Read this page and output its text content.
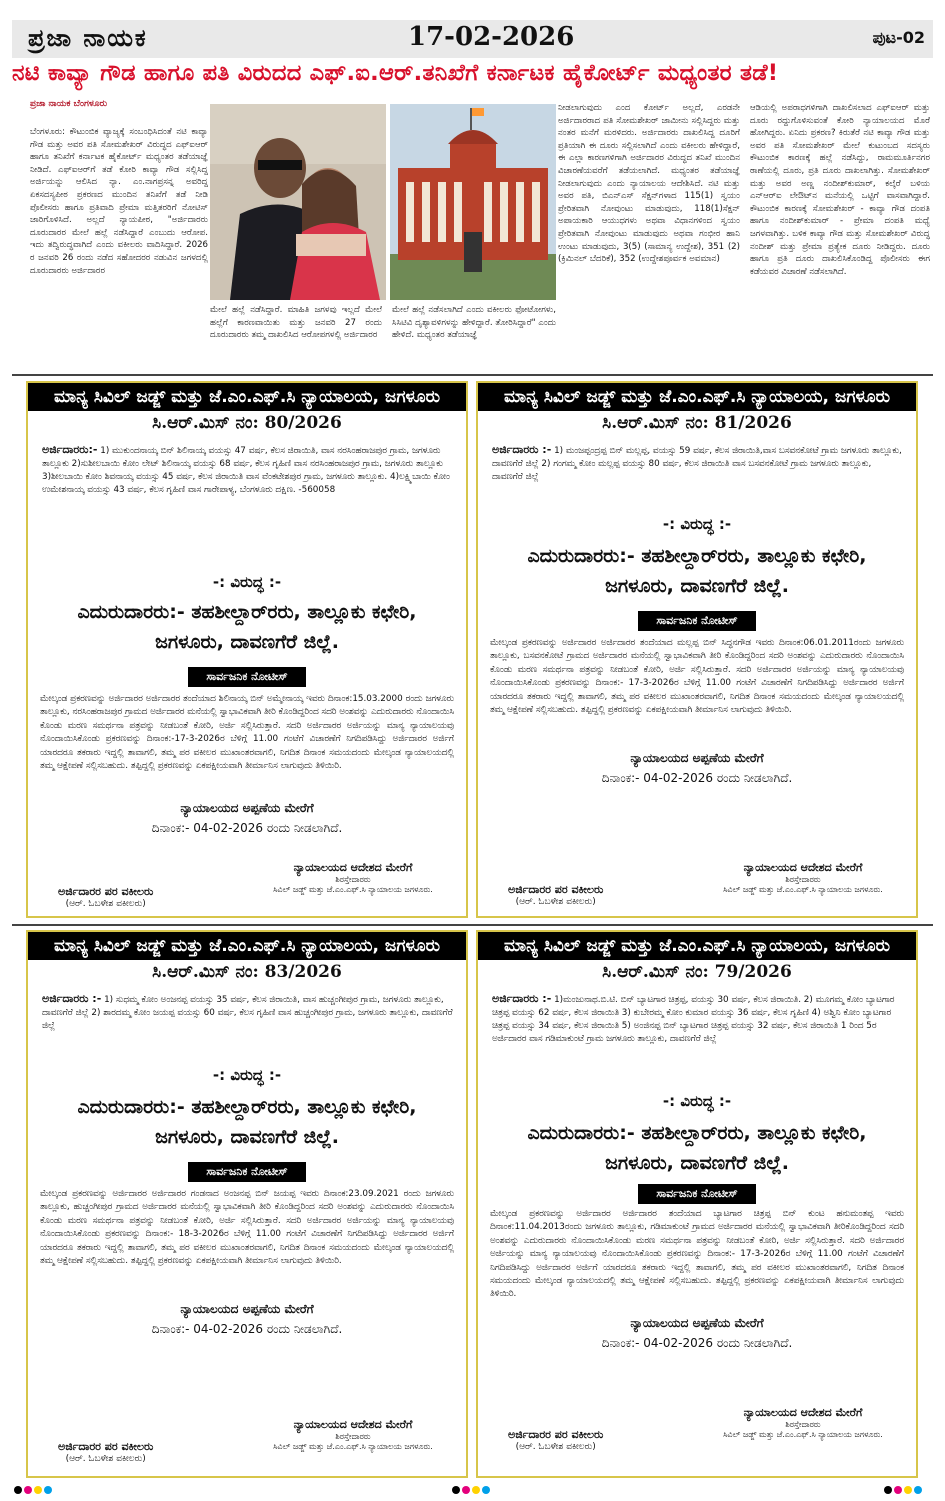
ಪ್ರಜಾ ನಾಯಕ	17-02-2026	ಪುಟ-02
ನಟಿ ಕಾವ್ಯಾ ಗೌಡ ಹಾಗೂ ಪತಿ ವಿರುದದ ಎಫ್.ಐ.ಆರ್.ತನಿಖೆಗೆ ಕರ್ನಾಟಕ ಹೈಕೋರ್ಟ್ ಮಧ್ಯಂತರ ತಡೆ!
ಪ್ರಜಾ ನಾಯಕ ಬೆಂಗಳೂರು
ಬೆಂಗಳೂರು: ಕೌಟುಂಬಿಕ ವ್ಯಾಜ್ಯಕ್ಕೆ ಸಂಬಂಧಿಸಿದಂತೆ ನಟಿ ಕಾವ್ಯಾ ಗೌಡ ಮತ್ತು ಅವರ ಪತಿ ಸೋಮಶೇಖರ್ ವಿರುದ್ಧದ ಎಫ್‌ಐಆರ್ ಹಾಗೂ ತನಿಖೆಗೆ ಕರ್ನಾಟಕ ಹೈಕೋರ್ಟ್ ಮಧ್ಯಂತರ ತಡೆಯಾಜ್ಞೆ ನೀಡಿದೆ. ಎಫ್‌ಐಆರ್‌ಗೆ ತಡೆ ಕೋರಿ ಕಾವ್ಯಾ ಗೌಡ ಸಲ್ಲಿಸಿದ್ದ ಅರ್ಜಿಯನ್ನು ಆಲಿಸಿದ ನ್ಯಾ. ಎಂ.ನಾಗಪ್ರಸನ್ನ ಅವರಿದ್ದ ಏಕಸದಸ್ಯಪೀಠ ಪ್ರಕರಣದ ಮುಂದಿನ ತನಿಖೆಗೆ ತಡೆ ನೀಡಿ ಪೊಲೀಸರು ಹಾಗೂ ಪ್ರತಿವಾದಿ ಪ್ರೇಮಾ ಮತ್ತಿತರರಿಗೆ ನೋಟಿಸ್ ಜಾರಿಗೊಳಿಸಿದೆ. ಅಲ್ಲದೆ ನ್ಯಾಯಪೀಠ, "ಅರ್ಜಿದಾರರು ದೂರುದಾರರ ಮೇಲೆ ಹಲ್ಲೆ ನಡೆಸಿದ್ದಾರೆ ಎಂಬುದು ಆರೋಪ. ಇದು ತದ್ವಿರುದ್ಧವಾಗಿದೆ ಎಂದು ವಕೀಲರು ವಾದಿಸಿದ್ದಾರೆ. 2026 ರ ಜನವರಿ 26 ರಂದು ನಡೆದ ಸಹೋದರರ ನಡುವಿನ ಜಗಳದಲ್ಲಿ ದೂರುದಾರರು ಅರ್ಜಿದಾರರ
ಮೇಲೆ ಹಲ್ಲೆ ನಡೆಸಿದ್ದಾರೆ. ಮಾಹಿತಿ ಜಗಳವು ಇಲ್ಲದೆ ಮೇಲೆ ಹಲ್ಲೆಗೆ ಕಾರಣವಾಯಿತು ಮತ್ತು ಜನವರಿ 27 ರಂದು ದೂರುದಾರರು ತಮ್ಮ ದಾಖಲಿಸಿದ ಆರೋಪಗಳಲ್ಲಿ ಅರ್ಜಿದಾರರ
ಮೇಲೆ ಹಲ್ಲೆ ನಡೆಸಲಾಗಿದೆ ಎಂದು ವಕೀಲರು ಫೋಟೋಗಳು, ಸಿಸಿಟಿವಿ ದೃಶ್ಯಾವಳಿಗಳನ್ನು ಹೇಳಿದ್ದಾರೆ. ತೋರಿಸಿದ್ದಾರೆ" ಎಂದು ಹೇಳಿದೆ. ಮಧ್ಯಂತರ ತಡೆಯಾಜ್ಞೆ
ನೀಡಲಾಗುವುದು ಎಂದ ಕೋರ್ಟ್ ಅಲ್ಲದೆ, ಎರಡನೇ ಅರ್ಜಿದಾರರಾದ ಪತಿ ಸೋಮಶೇಖರ್ ಜಾಮೀನು ಸಲ್ಲಿಸಿದ್ದರು ಮತ್ತು ನಂತರ ಮನೆಗೆ ಮರಳಿದರು. ಅರ್ಜಿದಾರರು ದಾಖಲಿಸಿದ್ದ ದೂರಿಗೆ ಪ್ರತಿಯಾಗಿ ಈ ದೂರು ಸಲ್ಲಿಸಲಾಗಿದೆ ಎಂದು ವಕೀಲರು ಹೇಳಿದ್ದಾರೆ, ಈ ಎಲ್ಲಾ ಕಾರಣಗಳಿಗಾಗಿ ಅರ್ಜಿದಾರರ ವಿರುದ್ಧದ ತನಿಖೆ ಮುಂದಿನ ವಿಚಾರಣೆಯವರೆಗೆ ತಡೆಯಲಾಗಿದೆ. ಮಧ್ಯಂತರ ತಡೆಯಾಜ್ಞೆ ನೀಡಲಾಗುವುದು ಎಂದು ನ್ಯಾಯಾಲಯ ಆದೇಶಿಸಿದೆ. ನಟಿ ಮತ್ತು ಅವರ ಪತಿ, ಬಿಎನ್‌ಎಸ್ ಸೆಕ್ಷನ್‌ಗಳಾದ 115(1) ಸ್ವಯಂ ಪ್ರೇರಿತವಾಗಿ ನೋವುಂಟು ಮಾಡುವುದು, 118(1)ಸೆಕ್ಷನ್ ಅಪಾಯಕಾರಿ ಆಯುಧಗಳು ಅಥವಾ ವಿಧಾನಗಳಿಂದ ಸ್ವಯಂ ಪ್ರೇರಿತವಾಗಿ ನೋವುಂಟು ಮಾಡುವುದು ಅಥವಾ ಗಂಭೀರ ಹಾನಿ ಉಂಟು ಮಾಡುವುದು, 3(5) (ಸಾಮಾನ್ಯ ಉದ್ದೇಶ), 351 (2) (ಕ್ರಿಮಿನಲ್ ಬೆದರಿಕೆ), 352 (ಉದ್ದೇಶಪೂರ್ವಕ ಅವಮಾನ)
ಆಡಿಯಲ್ಲಿ ಅಪರಾಧಗಳಿಗಾಗಿ ದಾಖಲಿಸಲಾದ ಎಫ್‌ಐಆರ್ ಮತ್ತು ದೂರು ರದ್ದುಗೊಳಿಸುವಂತೆ ಕೋರಿ ನ್ಯಾಯಾಲಯದ ಮೊರೆ ಹೋಗಿದ್ದರು. ಏನಿದು ಪ್ರಕರಣ? ಕಿರುತೆರೆ ನಟಿ ಕಾವ್ಯಾ ಗೌಡ ಮತ್ತು ಅವರ ಪತಿ ಸೋಮಶೇಖರ್ ಮೇಲೆ ಕುಟುಂಬದ ಸದಸ್ಯರು ಕೌಟುಂಬಿಕ ಕಾರಣಕ್ಕೆ ಹಲ್ಲೆ ನಡೆಸಿದ್ದು, ರಾಮಮೂರ್ತಿನಗರ ಠಾಣೆಯಲ್ಲಿ ದೂರು, ಪ್ರತಿ ದೂರು ದಾಖಲಾಗಿತ್ತು. ಸೋಮಶೇಖರ್ ಮತ್ತು ಅವರ ಅಣ್ಣ ನಂದೀಶ್‌ಕುಮಾರ್, ಕಲ್ಕೆರೆ ಬಳಿಯ ಎನ್‌ಆರ್‌ಐ ಲೇಔಟ್‌ನ ಮನೆಯಲ್ಲಿ ಒಟ್ಟಿಗೆ ವಾಸವಾಗಿದ್ದಾರೆ. ಕೌಟುಂಬಿಕ ಕಾರಣಕ್ಕೆ ಸೋಮಶೇಖರ್ - ಕಾವ್ಯಾ ಗೌಡ ದಂಪತಿ ಹಾಗೂ ನಂದೀಶ್‌ಕುಮಾರ್ - ಪ್ರೇಮಾ ದಂಪತಿ ಮಧ್ಯೆ ಜಗಳವಾಗಿತ್ತು. ಬಳಿಕ ಕಾವ್ಯಾ ಗೌಡ ಮತ್ತು ಸೋಮಶೇಖರ್ ವಿರುದ್ಧ ನಂದೀಶ್ ಮತ್ತು ಪ್ರೇಮಾ ಪ್ರತ್ಯೇಕ ದೂರು ನೀಡಿದ್ದರು. ದೂರು ಹಾಗೂ ಪ್ರತಿ ದೂರು ದಾಖಲಿಸಿಕೊಂಡಿದ್ದ ಪೊಲೀಸರು ಈಗ ಕಡೆಯವರ ವಿಚಾರಣೆ ನಡೆಸಲಾಗಿದೆ.
ಮಾನ್ಯ ಸಿವಿಲ್ ಜಡ್ಜ್ ಮತ್ತು ಜೆ.ಎಂ.ಎಫ್.ಸಿ ನ್ಯಾಯಾಲಯ, ಜಗಳೂರು
ಸಿ.ಆರ್.ಮಿಸ್ ನಂ: 80/2026
ಅರ್ಜಿದಾರರು:- 1) ಮುಕುಂದನಾಯ್ಕ ಬಿನ್ ಶಿಲಿನಾಯ್ಕ ವಯಸ್ಸು 47 ವರ್ಷ, ಕೆಲಸ ಜಿರಾಯಿತಿ, ವಾಸ ನರಸಿಂಹರಾಜಪುರ ಗ್ರಾಮ, ಜಗಳೂರು ತಾಲ್ಲೂಕು 2)ಸುಶೀಲಬಾಯಿ ಕೋಂ ಲೇಟ್ ಶಿಲಿನಾಯ್ಕ ವಯಸ್ಸು 68 ವರ್ಷ, ಕೆಲಸ ಗೃಹಿಣಿ ವಾಸ ನರಸಿಂಹರಾಜಪುರ ಗ್ರಾಮ, ಜಗಳೂರು ತಾಲ್ಲೂಕು 3)ಶೀಲಬಾಯಿ ಕೋಂ ಶಿವನಾಯ್ಕ ವಯಸ್ಸು 45 ವರ್ಷ, ಕೆಲಸ ಜಿರಾಯಿತಿ ವಾಸ ವೆಂಕಟೇಶಪುರ ಗ್ರಾಮ, ಜಗಳೂರು ತಾಲ್ಲೂಕು. 4)ಲಕ್ಷ್ಮಿಬಾಯಿ ಕೋಂ ಉಮೇಶನಾಯ್ಕ ವಯಸ್ಸು 43 ವರ್ಷ, ಕೆಲಸ ಗೃಹಿಣಿ ವಾಸ ಗಾರೇಪಾಳ್ಯ, ಬೆಂಗಳೂರು ದಕ್ಷಿಣ. -560058
-: ವಿರುದ್ಧ :-
ಎದುರುದಾರರು:- ತಹಶೀಲ್ದಾರ್‌ರರು, ತಾಲ್ಲೂಕು ಕಛೇರಿ, ಜಗಳೂರು, ದಾವಣಗೆರೆ ಜಿಲ್ಲೆ.
ಸಾರ್ವಜನಿಕ ನೋಟೀಸ್
ಮೇಲ್ಕಂಡ ಪ್ರಕರಣವನ್ನು ಅರ್ಜಿದಾರರ ಅರ್ಜಿದಾರರ ತಂದೆಯಾದ ಶಿಲಿನಾಯ್ಕ ಬಿನ್ ಅಮ್ಮೇನಾಯ್ಕ ಇವರು ದಿನಾಂಕ:15.03.2000 ರಂದು ಜಗಳೂರು ತಾಲ್ಲೂಕು, ನರಸಿಂಹರಾಜಪುರ ಗ್ರಾಮದ ಅರ್ಜಿದಾರರ ಮನೆಯಲ್ಲಿ ಸ್ವಾಭಾವಿಕವಾಗಿ ತೀರಿ ಕೊಂಡಿದ್ದರಿಂದ ಸದರಿ ಅಂಶವನ್ನು ಎದುರುದಾರರು ನೊಂದಾಯಿಸಿ ಕೊಂಡು ಮರಣ ಸಮರ್ಥನಾ ಪತ್ರವನ್ನು ನೀಡಬಂತೆ ಕೋರಿ, ಅರ್ಜಿ ಸಲ್ಲಿಸಿರುತ್ತಾರೆ. ಸದರಿ ಅರ್ಜಿದಾರರ ಅರ್ಜಿಯನ್ನು ಮಾನ್ಯ ನ್ಯಾಯಾಲಯವು ನೊಂದಾಯಿಸಿಕೊಂಡು ಪ್ರಕರಣವನ್ನು ದಿನಾಂಕ:-17-3-2026ರ ಬೆಳಿಗ್ಗೆ 11.00 ಗಂಟೆಗೆ ವಿಚಾರಣೆಗೆ ನಿಗದಿಪಡಿಸಿದ್ದು ಅರ್ಜಿದಾರರ ಅರ್ಜಿಗೆ ಯಾರದರೂ ತಕರಾರು ಇದ್ದಲ್ಲಿ ತಾವಾಗಲಿ, ತಮ್ಮ ಪರ ವಕೀಲರ ಮುಖಾಂತರವಾಗಲಿ, ನಿಗದಿತ ದಿನಾಂಕ ಸಮಯದಂದು ಮೇಲ್ಕಂಡ ನ್ಯಾಯಾಲಯದಲ್ಲಿ ತಮ್ಮ ಆಕ್ಷೇಪಣೆ ಸಲ್ಲಿಸಬಹುದು. ತಪ್ಪಿದ್ದಲ್ಲಿ ಪ್ರಕರಣವನ್ನು ಏಕಪಕ್ಷೀಯವಾಗಿ ತೀರ್ಮಾನಿಸ ಲಾಗುವುದು ತಿಳಿಯಿರಿ.
ನ್ಯಾಯಾಲಯದ ಅಪ್ಪಣೆಯ ಮೇರೆಗೆ
ದಿನಾಂಕ:- 04-02-2026 ರಂದು ನೀಡಲಾಗಿದೆ.
ಅರ್ಜಿದಾರರ ಪರ ವಕೀಲರು
(ಆರ್. ಓಬಳೇಶ ವಕೀಲರು)
ನ್ಯಾಯಾಲಯದ ಆದೇಶದ ಮೇರೆಗೆ
ಶಿರಸ್ತೇದಾರರು
ಸಿವಿಲ್ ಜಡ್ಜ್ ಮತ್ತು ಜೆ.ಎಂ.ಎಫ್.ಸಿ ನ್ಯಾಯಾಲಯ ಜಗಳೂರು.
ಮಾನ್ಯ ಸಿವಿಲ್ ಜಡ್ಜ್ ಮತ್ತು ಜೆ.ಎಂ.ಎಫ್.ಸಿ ನ್ಯಾಯಾಲಯ, ಜಗಳೂರು
ಸಿ.ಆರ್.ಮಿಸ್ ನಂ: 81/2026
ಅರ್ಜಿದಾರರು :- 1) ಮಂಜಪ್ಪಂದ್ರಪ್ಪ ಬಿನ್ ಮಲ್ಲಪ್ಪ, ವಯಸ್ಸು 59 ವರ್ಷ, ಕೆಲಸ ಜಿರಾಯಿತಿ,ವಾಸ ಬಸವನಕೋಟೆ ಗ್ರಾಮ ಜಗಳೂರು ತಾಲ್ಲೂಕು, ದಾವಣಗೆರೆ ಜಿಲ್ಲೆ 2) ಗಂಗಮ್ಮ ಕೋಂ ಮಲ್ಲಪ್ಪ ವಯಸ್ಸು 80 ವರ್ಷ, ಕೆಲಸ ಜಿರಾಯಿತಿ ವಾಸ ಬಸವನಕೋಟೆ ಗ್ರಾಮ ಜಗಳೂರು ತಾಲ್ಲೂಕು, ದಾವಣಗೆರೆ ಜಿಲ್ಲೆ
-: ವಿರುದ್ಧ :-
ಎದುರುದಾರರು:- ತಹಶೀಲ್ದಾರ್‌ರರು, ತಾಲ್ಲೂಕು ಕಛೇರಿ, ಜಗಳೂರು, ದಾವಣಗೆರೆ ಜಿಲ್ಲೆ.
ಸಾರ್ವಜನಿಕ ನೋಟೀಸ್
ಮೇಲ್ಕಂಡ ಪ್ರಕರಣವನ್ನು ಅರ್ಜಿದಾರರ ಅರ್ಜಿದಾರರ ತಂದೆಯಾದ ಮಲ್ಲಪ್ಪ ಬಿನ್ ಸಿದ್ಧನಗೌಡ ಇವರು ದಿನಾಂಕ:06.01.2011ರಂದು ಜಗಳೂರು ತಾಲ್ಲೂಕು, ಬಸವನಕೋಟೆ ಗ್ರಾಮದ ಅರ್ಜಿದಾರರ ಮನೆಯಲ್ಲಿ ಸ್ವಾಭಾವಿಕವಾಗಿ ತೀರಿ ಕೊಂಡಿದ್ದರಿಂದ ಸದರಿ ಅಂಶವನ್ನು ಎದುರುದಾರರು ನೊಂದಾಯಿಸಿ ಕೊಂಡು ಮರಣ ಸಮರ್ಥನಾ ಪತ್ರವನ್ನು ನೀಡಬಂತೆ ಕೋರಿ, ಅರ್ಜಿ ಸಲ್ಲಿಸಿರುತ್ತಾರೆ. ಸದರಿ ಅರ್ಜಿದಾರರ ಅರ್ಜಿಯನ್ನು ಮಾನ್ಯ ನ್ಯಾಯಾಲಯವು ನೊಂದಾಯಿಸಿಕೊಂಡು ಪ್ರಕರಣವನ್ನು ದಿನಾಂಕ:- 17-3-2026ರ ಬೆಳಿಗ್ಗೆ 11.00 ಗಂಟೆಗೆ ವಿಚಾರಣೆಗೆ ನಿಗದಿಪಡಿಸಿದ್ದು ಅರ್ಜಿದಾರರ ಅರ್ಜಿಗೆ ಯಾರದರೂ ತಕರಾರು ಇದ್ದಲ್ಲಿ ತಾವಾಗಲಿ, ತಮ್ಮ ಪರ ವಕೀಲರ ಮುಖಾಂತರವಾಗಲಿ, ನಿಗದಿತ ದಿನಾಂಕ ಸಮಯದಂದು ಮೇಲ್ಕಂಡ ನ್ಯಾಯಾಲಯದಲ್ಲಿ ತಮ್ಮ ಆಕ್ಷೇಪಣೆ ಸಲ್ಲಿಸಬಹುದು. ತಪ್ಪಿದ್ದಲ್ಲಿ ಪ್ರಕರಣವನ್ನು ಏಕಪಕ್ಷೀಯವಾಗಿ ತೀರ್ಮಾನಿಸ ಲಾಗುವುದು ತಿಳಿಯಿರಿ.
ನ್ಯಾಯಾಲಯದ ಅಪ್ಪಣೆಯ ಮೇರೆಗೆ
ದಿನಾಂಕ:- 04-02-2026 ರಂದು ನೀಡಲಾಗಿದೆ.
ಅರ್ಜಿದಾರರ ಪರ ವಕೀಲರು
(ಆರ್. ಓಬಳೇಶ ವಕೀಲರು)
ನ್ಯಾಯಾಲಯದ ಆದೇಶದ ಮೇರೆಗೆ
ಶಿರಸ್ತೇದಾರರು
ಸಿವಿಲ್ ಜಡ್ಜ್ ಮತ್ತು ಜೆ.ಎಂ.ಎಫ್.ಸಿ ನ್ಯಾಯಾಲಯ ಜಗಳೂರು.
ಮಾನ್ಯ ಸಿವಿಲ್ ಜಡ್ಜ್ ಮತ್ತು ಜೆ.ಎಂ.ಎಫ್.ಸಿ ನ್ಯಾಯಾಲಯ, ಜಗಳೂರು
ಸಿ.ಆರ್.ಮಿಸ್ ನಂ: 83/2026
ಅರ್ಜಿದಾರರು :- 1) ಸುಧಮ್ಮ ಕೋಂ ಅಂಜನಪ್ಪ ವಯಸ್ಸು 35 ವರ್ಷ, ಕೆಲಸ ಜಿರಾಯಿತಿ, ವಾಸ ಹುಚ್ಚಂಗೀಪುರ ಗ್ರಾಮ, ಜಗಳೂರು ತಾಲ್ಲೂಕು, ದಾವಣಗೆರೆ ಜಿಲ್ಲೆ 2) ಶಾರದಮ್ಮ ಕೋಂ ಜಯಪ್ಪ ವಯಸ್ಸು 60 ವರ್ಷ, ಕೆಲಸ ಗೃಹಿಣಿ ವಾಸ ಹುಚ್ಚಂಗೀಪುರ ಗ್ರಾಮ, ಜಗಳೂರು ತಾಲ್ಲೂಕು, ದಾವಣಗೆರೆ ಜಿಲ್ಲೆ
-: ವಿರುದ್ಧ :-
ಎದುರುದಾರರು:- ತಹಶೀಲ್ದಾರ್‌ರರು, ತಾಲ್ಲೂಕು ಕಛೇರಿ, ಜಗಳೂರು, ದಾವಣಗೆರೆ ಜಿಲ್ಲೆ.
ಸಾರ್ವಜನಿಕ ನೋಟೀಸ್
ಮೇಲ್ಕಂಡ ಪ್ರಕರಣವನ್ನು ಅರ್ಜಿದಾರರ ಅರ್ಜಿದಾರರ ಗಂಡನಾದ ಅಂಜನಪ್ಪ ಬಿನ್ ಜಯಪ್ಪ ಇವರು ದಿನಾಂಕ:23.09.2021 ರಂದು ಜಗಳೂರು ತಾಲ್ಲೂಕು, ಹುಚ್ಚಂಗೀಪುರ ಗ್ರಾಮದ ಅರ್ಜಿದಾರರ ಮನೆಯಲ್ಲಿ ಸ್ವಾಭಾವಿಕವಾಗಿ ತೀರಿ ಕೊಂಡಿದ್ದರಿಂದ ಸದರಿ ಅಂಶವನ್ನು ಎದುರುದಾರರು ನೊಂದಾಯಿಸಿ ಕೊಂಡು ಮರಣ ಸಮರ್ಥನಾ ಪತ್ರವನ್ನು ನೀಡಬಂತೆ ಕೋರಿ, ಅರ್ಜಿ ಸಲ್ಲಿಸಿರುತ್ತಾರೆ. ಸದರಿ ಅರ್ಜಿದಾರರ ಅರ್ಜಿಯನ್ನು ಮಾನ್ಯ ನ್ಯಾಯಾಲಯವು ನೊಂದಾಯಿಸಿಕೊಂಡು ಪ್ರಕರಣವನ್ನು ದಿನಾಂಕ:- 18-3-2026ರ ಬೆಳಿಗ್ಗೆ 11.00 ಗಂಟೆಗೆ ವಿಚಾರಣೆಗೆ ನಿಗದಿಪಡಿಸಿದ್ದು ಅರ್ಜಿದಾರರ ಅರ್ಜಿಗೆ ಯಾರದರೂ ತಕರಾರು ಇದ್ದಲ್ಲಿ ತಾವಾಗಲಿ, ತಮ್ಮ ಪರ ವಕೀಲರ ಮುಖಾಂತರವಾಗಲಿ, ನಿಗದಿತ ದಿನಾಂಕ ಸಮಯದಂದು ಮೇಲ್ಕಂಡ ನ್ಯಾಯಾಲಯದಲ್ಲಿ ತಮ್ಮ ಆಕ್ಷೇಪಣೆ ಸಲ್ಲಿಸಬಹುದು. ತಪ್ಪಿದ್ದಲ್ಲಿ ಪ್ರಕರಣವನ್ನು ಏಕಪಕ್ಷೀಯವಾಗಿ ತೀರ್ಮಾನಿಸ ಲಾಗುವುದು ತಿಳಿಯಿರಿ.
ನ್ಯಾಯಾಲಯದ ಅಪ್ಪಣೆಯ ಮೇರೆಗೆ
ದಿನಾಂಕ:- 04-02-2026 ರಂದು ನೀಡಲಾಗಿದೆ.
ಅರ್ಜಿದಾರರ ಪರ ವಕೀಲರು
(ಆರ್. ಓಬಳೇಶ ವಕೀಲರು)
ನ್ಯಾಯಾಲಯದ ಆದೇಶದ ಮೇರೆಗೆ
ಶಿರಸ್ತೇದಾರರು
ಸಿವಿಲ್ ಜಡ್ಜ್ ಮತ್ತು ಜೆ.ಎಂ.ಎಫ್.ಸಿ ನ್ಯಾಯಾಲಯ ಜಗಳೂರು.
ಮಾನ್ಯ ಸಿವಿಲ್ ಜಡ್ಜ್ ಮತ್ತು ಜೆ.ಎಂ.ಎಫ್.ಸಿ ನ್ಯಾಯಾಲಯ, ಜಗಳೂರು
ಸಿ.ಆರ್.ಮಿಸ್ ನಂ: 79/2026
ಅರ್ಜಿದಾರರು :- 1)ಮಂಜುನಾಥ.ಬಿ.ಟಿ. ಬಿನ್ ಬ್ಯಾಟಗಾರ ಚಿತ್ರಪ್ಪ, ವಯಸ್ಸು 30 ವರ್ಷ, ಕೆಲಸ ಜಿರಾಯಿತಿ. 2) ಮೂಗಮ್ಮ ಕೋಂ ಬ್ಯಾಟಗಾರ ಚಿತ್ರಪ್ಪ ವಯಸ್ಸು 62 ವರ್ಷ, ಕೆಲಸ ಜಿರಾಯಿತಿ 3) ಕುಬೇರಮ್ಮ ಕೋಂ ಕುಮಾರ ವಯಸ್ಸು 36 ವರ್ಷ, ಕೆಲಸ ಗೃಹಿಣಿ 4) ಅಶ್ವಿನಿ ಕೋಂ ಬ್ಯಾಟಗಾರ ಚಿತ್ರಪ್ಪ ವಯಸ್ಸು 34 ವರ್ಷ, ಕೆಲಸ ಜಿರಾಯಿತಿ 5) ಅಂಜಿನಪ್ಪ ಬಿನ್ ಬ್ಯಾಟಗಾರ ಚಿತ್ರಪ್ಪ ವಯಸ್ಸು 32 ವರ್ಷ, ಕೆಲಸ ಜಿರಾಯಿತಿ 1 ರಿಂದ 5ರ ಅರ್ಜಿದಾರರ ವಾಸ ಗಡಿಮಾಕುಂಟೆ ಗ್ರಾಮ ಜಗಳೂರು ತಾಲ್ಲೂಕು, ದಾವಣಗೆರೆ ಜಿಲ್ಲೆ
-: ವಿರುದ್ಧ :-
ಎದುರುದಾರರು:- ತಹಶೀಲ್ದಾರ್‌ರರು, ತಾಲ್ಲೂಕು ಕಛೇರಿ, ಜಗಳೂರು, ದಾವಣಗೆರೆ ಜಿಲ್ಲೆ.
ಸಾರ್ವಜನಿಕ ನೋಟೀಸ್
ಮೇಲ್ಕಂಡ ಪ್ರಕರಣವನ್ನು ಅರ್ಜಿದಾರರ ಅರ್ಜಿದಾರರ ತಂದೆಯಾದ ಬ್ಯಾಟಗಾರ ಚಿತ್ರಪ್ಪ ಬಿನ್ ಕುಂಟ ಹನುಮಂತಪ್ಪ ಇವರು ದಿನಾಂಕ:11.04.2013ರಂದು ಜಗಳೂರು ತಾಲ್ಲೂಕು, ಗಡಿಮಾಕುಂಟೆ ಗ್ರಾಮದ ಅರ್ಜಿದಾರರ ಮನೆಯಲ್ಲಿ ಸ್ವಾಭಾವಿಕವಾಗಿ ತೀರಿಕೊಂಡಿದ್ದರಿಂದ ಸದರಿ ಅಂಶವನ್ನು ಎದುರುದಾರರು ನೊಂದಾಯಿಸಿಕೊಂಡು ಮರಣ ಸಮರ್ಥನಾ ಪತ್ರವನ್ನು ನೀಡಬಂತೆ ಕೋರಿ, ಅರ್ಜಿ ಸಲ್ಲಿಸಿರುತ್ತಾರೆ. ಸದರಿ ಅರ್ಜಿದಾರರ ಅರ್ಜಿಯನ್ನು ಮಾನ್ಯ ನ್ಯಾಯಾಲಯವು ನೊಂದಾಯಿಸಿಕೊಂಡು ಪ್ರಕರಣವನ್ನು ದಿನಾಂಕ:- 17-3-2026ರ ಬೆಳಿಗ್ಗೆ 11.00 ಗಂಟೆಗೆ ವಿಚಾರಣೆಗೆ ನಿಗದಿಪಡಿಸಿದ್ದು ಅರ್ಜಿದಾರರ ಅರ್ಜಿಗೆ ಯಾರದರೂ ತಕರಾರು ಇದ್ದಲ್ಲಿ ತಾವಾಗಲಿ, ತಮ್ಮ ಪರ ವಕೀಲರ ಮುಖಾಂತರವಾಗಲಿ, ನಿಗದಿತ ದಿನಾಂಕ ಸಮಯದಂದು ಮೇಲ್ಕಂಡ ನ್ಯಾಯಾಲಯದಲ್ಲಿ ತಮ್ಮ ಆಕ್ಷೇಪಣೆ ಸಲ್ಲಿಸಬಹುದು. ತಪ್ಪಿದ್ದಲ್ಲಿ ಪ್ರಕರಣವನ್ನು ಏಕಪಕ್ಷೀಯವಾಗಿ ತೀರ್ಮಾನಿಸ ಲಾಗುವುದು ತಿಳಿಯಿರಿ.
ನ್ಯಾಯಾಲಯದ ಅಪ್ಪಣೆಯ ಮೇರೆಗೆ
ದಿನಾಂಕ:- 04-02-2026 ರಂದು ನೀಡಲಾಗಿದೆ.
ಅರ್ಜಿದಾರರ ಪರ ವಕೀಲರು
(ಆರ್. ಓಬಳೇಶ ವಕೀಲರು)
ನ್ಯಾಯಾಲಯದ ಆದೇಶದ ಮೇರೆಗೆ
ಶಿರಸ್ತೇದಾರರು
ಸಿವಿಲ್ ಜಡ್ಜ್ ಮತ್ತು ಜೆ.ಎಂ.ಎಫ್.ಸಿ ನ್ಯಾಯಾಲಯ ಜಗಳೂರು.
